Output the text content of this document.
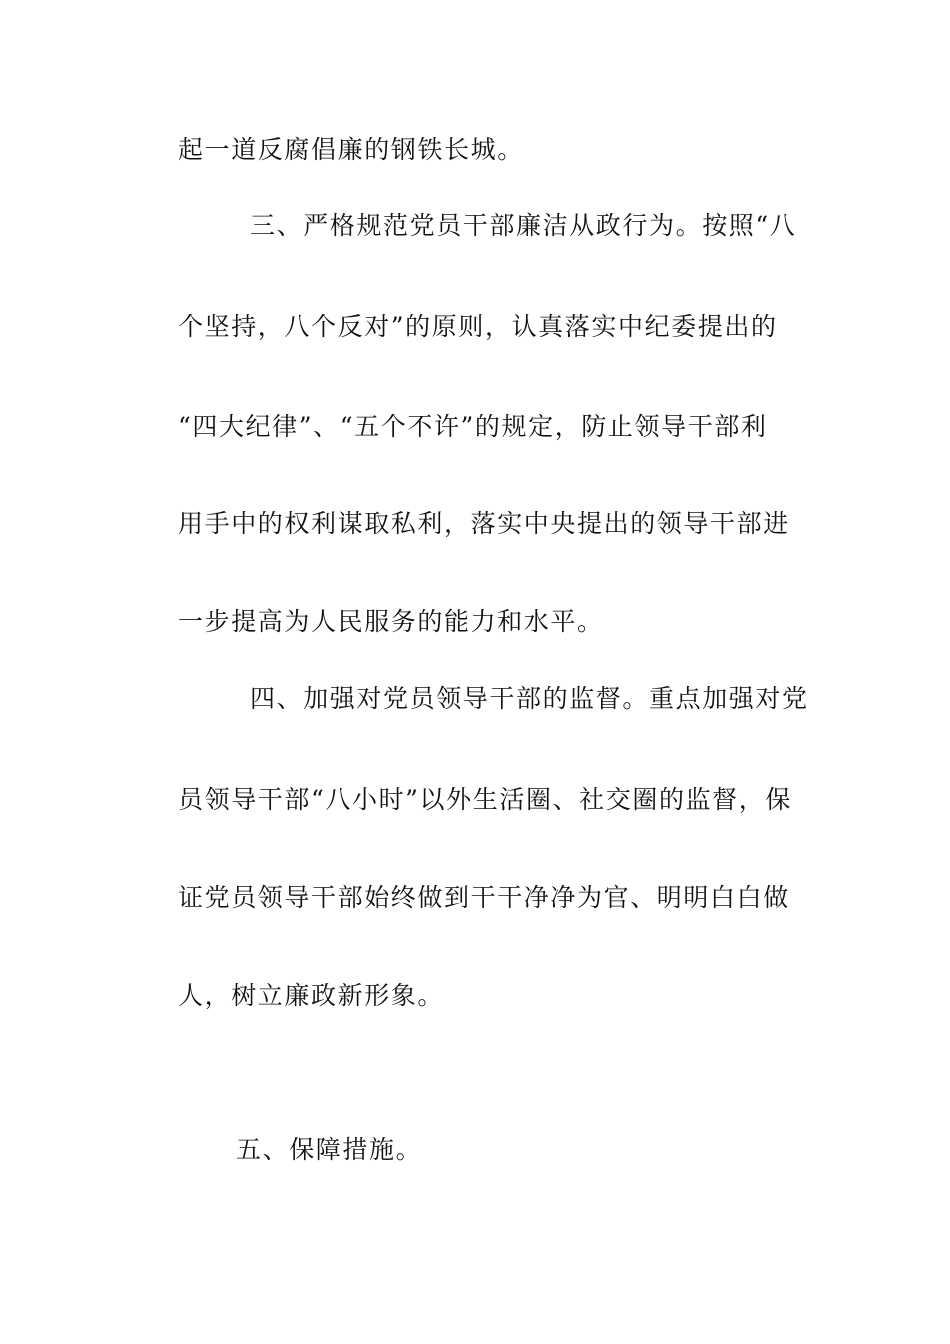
起一道反腐倡廉的钢铁长城。
三、严格规范党员干部廉洁从政行为。按照“八
个坚持，八个反对”的原则，认真落实中纪委提出的
“四大纪律”、“五个不许”的规定，防止领导干部利
用手中的权利谋取私利，落实中央提出的领导干部进
一步提高为人民服务的能力和水平。
四、加强对党员领导干部的监督。重点加强对党
员领导干部“八小时”以外生活圈、社交圈的监督，保
证党员领导干部始终做到干干净净为官、明明白白做
人，树立廉政新形象。
五、保障措施。
